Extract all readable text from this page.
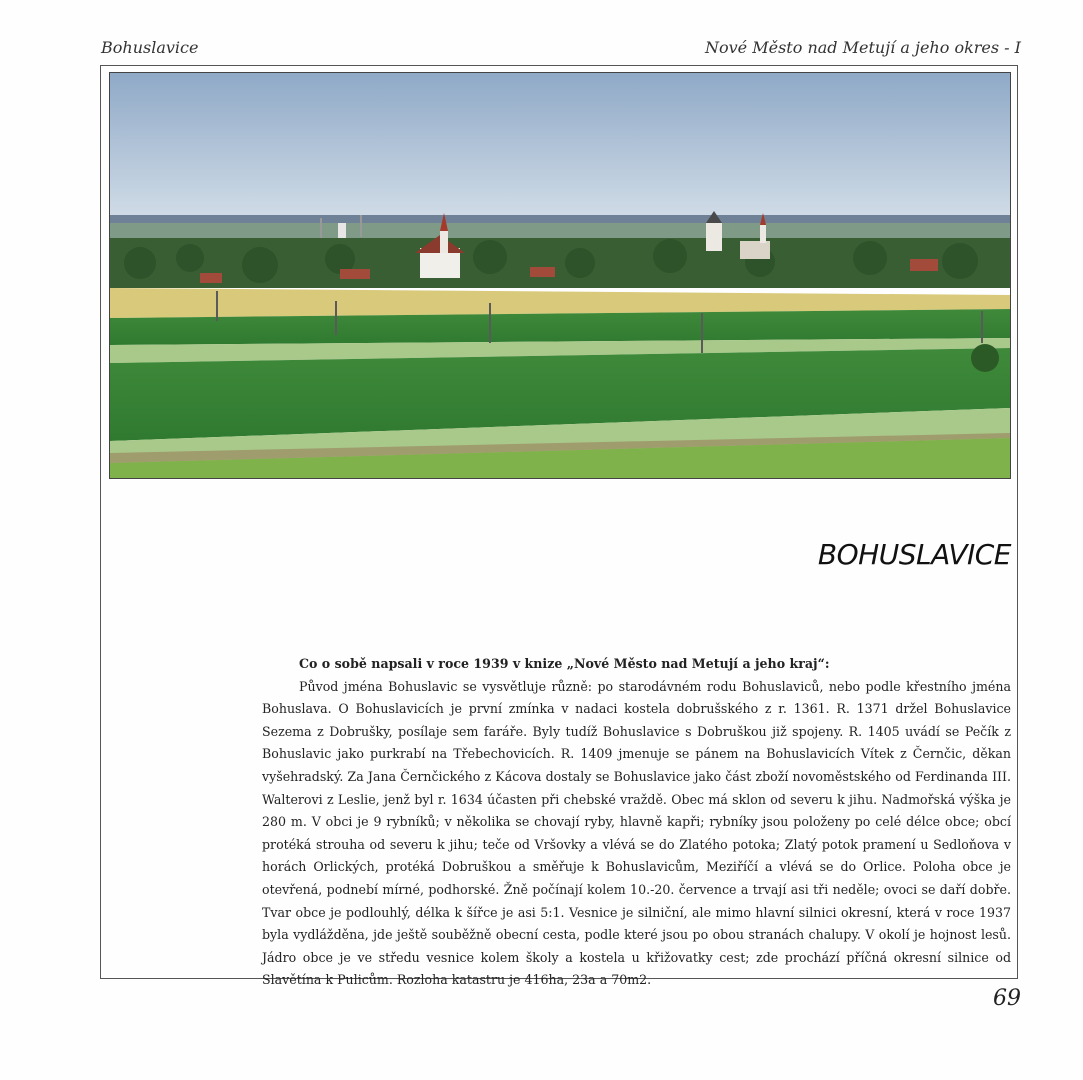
Bohuslavice	Nové Město nad Metují a jeho okres - I
BOHUSLAVICE

Co o sobě napsali v roce 1939 v knize „Nové Město nad Metují a jeho kraj“:

Původ jména Bohuslavic se vysvětluje různě: po starodávném rodu Bohuslaviců, nebo podle křestního jména Bohuslava. O Bohuslavicích je první zmínka v nadaci kostela dobrušského z r. 1361. R. 1371 držel Bohuslavice Sezema z Dobrušky, posílaje sem faráře. Byly tudíž Bohuslavice s Dobruškou již spojeny. R. 1405 uvádí se Pečík z Bohuslavic jako purkrabí na Třebechovicích. R. 1409 jmenuje se pánem na Bohuslavicích Vítek z Černčic, děkan vyšehradský. Za Jana Černčického z Kácova dostaly se Bohuslavice jako část zboží novoměstského od Ferdinanda III. Walterovi z Leslie, jenž byl r. 1634 účasten při chebské vraždě. Obec má sklon od severu k jihu. Nadmořská výška je 280 m. V obci je 9 rybníků; v několika se chovají ryby, hlavně kapři; rybníky jsou položeny po celé délce obce; obcí protéká strouha od severu k jihu; teče od Vršovky a vlévá se do Zlatého potoka; Zlatý potok pramení u Sedloňova v horách Orlických, protéká Dobruškou a směřuje k Bohuslavicům, Meziříčí a vlévá se do Orlice. Poloha obce je otevřená, podnebí mírné, podhorské. Žně počínají kolem 10.-20. července a trvají asi tři neděle; ovoci se daří dobře. Tvar obce je podlouhlý, délka k šířce je asi 5:1. Vesnice je silniční, ale mimo hlavní silnici okresní, která v roce 1937 byla vydlážděna, jde ještě souběžně obecní cesta, podle které jsou po obou stranách chalupy. V okolí je hojnost lesů. Jádro obce je ve středu vesnice kolem školy a kostela u křižovatky cest; zde prochází příčná okresní silnice od Slavětína k Pulicům. Rozloha katastru je 416ha, 23a a 70m2.

69
